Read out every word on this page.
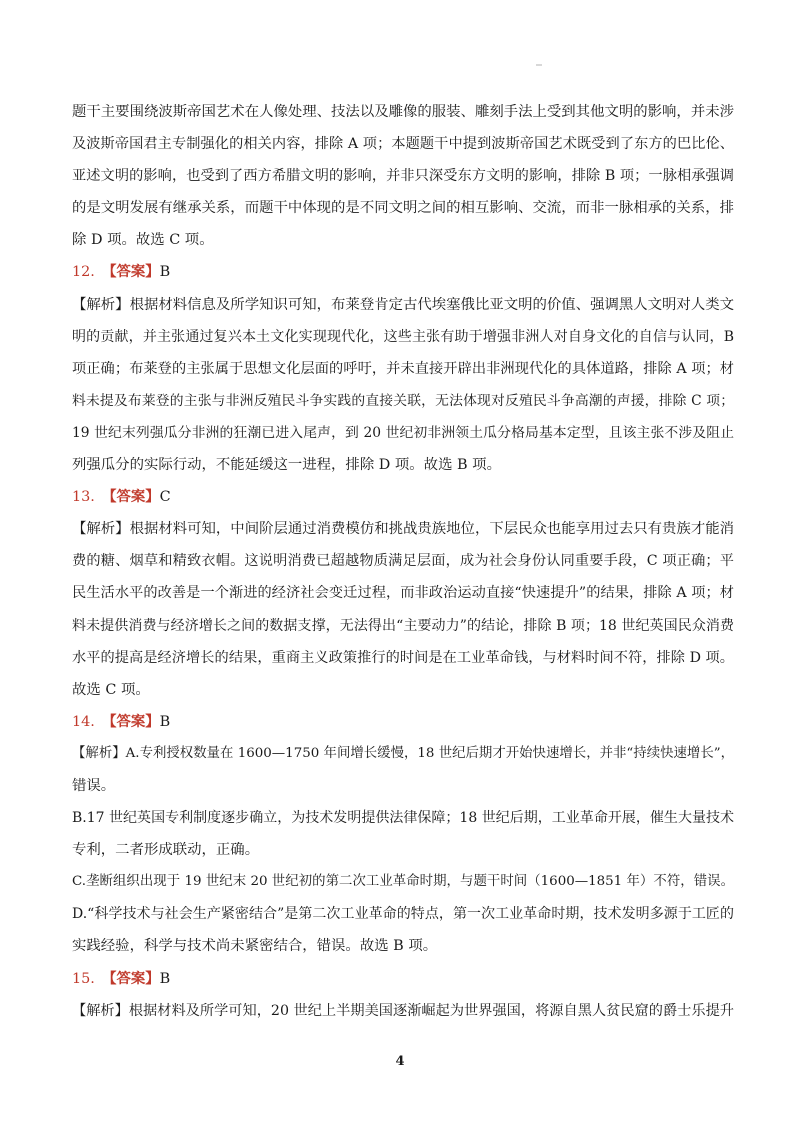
题干主要围绕波斯帝国艺术在人像处理、技法以及雕像的服装、雕刻手法上受到其他文明的影响，并未涉
及波斯帝国君主专制强化的相关内容，排除 A 项；本题题干中提到波斯帝国艺术既受到了东方的巴比伦、
亚述文明的影响，也受到了西方希腊文明的影响，并非只深受东方文明的影响，排除 B 项；一脉相承强调
的是文明发展有继承关系，而题干中体现的是不同文明之间的相互影响、交流，而非一脉相承的关系，排
除 D 项。故选 C 项。
12.  【答案】B
【解析】根据材料信息及所学知识可知，布莱登肯定古代埃塞俄比亚文明的价值、强调黑人文明对人类文
明的贡献，并主张通过复兴本土文化实现现代化，这些主张有助于增强非洲人对自身文化的自信与认同，B
项正确；布莱登的主张属于思想文化层面的呼吁，并未直接开辟出非洲现代化的具体道路，排除 A 项；材
料未提及布莱登的主张与非洲反殖民斗争实践的直接关联，无法体现对反殖民斗争高潮的声援，排除 C 项；
19 世纪末列强瓜分非洲的狂潮已进入尾声，到 20 世纪初非洲领土瓜分格局基本定型，且该主张不涉及阻止
列强瓜分的实际行动，不能延缓这一进程，排除 D 项。故选 B 项。
13.  【答案】C
【解析】根据材料可知，中间阶层通过消费模仿和挑战贵族地位，下层民众也能享用过去只有贵族才能消
费的糖、烟草和精致衣帽。这说明消费已超越物质满足层面，成为社会身份认同重要手段，C 项正确；平
民生活水平的改善是一个渐进的经济社会变迁过程，而非政治运动直接“快速提升”的结果，排除 A 项；材
料未提供消费与经济增长之间的数据支撑，无法得出“主要动力”的结论，排除 B 项；18 世纪英国民众消费
水平的提高是经济增长的结果，重商主义政策推行的时间是在工业革命钱，与材料时间不符，排除 D 项。
故选 C 项。
14.  【答案】B
【解析】A.专利授权数量在 1600—1750 年间增长缓慢，18 世纪后期才开始快速增长，并非“持续快速增长”，
错误。
B.17 世纪英国专利制度逐步确立，为技术发明提供法律保障；18 世纪后期，工业革命开展，催生大量技术
专利，二者形成联动，正确。
C.垄断组织出现于 19 世纪末 20 世纪初的第二次工业革命时期，与题干时间（1600—1851 年）不符，错误。
D.“科学技术与社会生产紧密结合”是第二次工业革命的特点，第一次工业革命时期，技术发明多源于工匠的
实践经验，科学与技术尚未紧密结合，错误。故选 B 项。
15.  【答案】B
【解析】根据材料及所学可知，20 世纪上半期美国逐渐崛起为世界强国，将源自黑人贫民窟的爵士乐提升
4
